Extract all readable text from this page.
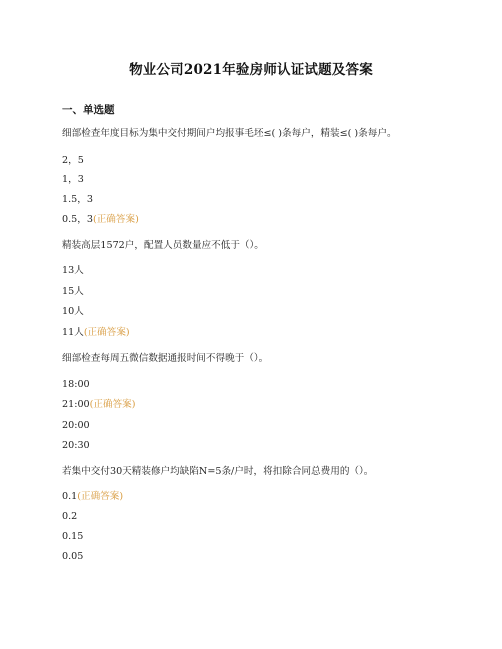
物业公司2021年验房师认证试题及答案
一、单选题
细部检查年度目标为集中交付期间户均报事毛坯≤( )条每户，精装≤( )条每户。
2，5
1，3
1.5，3
0.5，3(正确答案)
精装高层1572户，配置人员数量应不低于（）。
13人
15人
10人
11人(正确答案)
细部检查每周五微信数据通报时间不得晚于（）。
18:00
21:00(正确答案)
20:00
20:30
若集中交付30天精装修户均缺陷N=5条/户时，将扣除合同总费用的（）。
0.1(正确答案)
0.2
0.15
0.05
